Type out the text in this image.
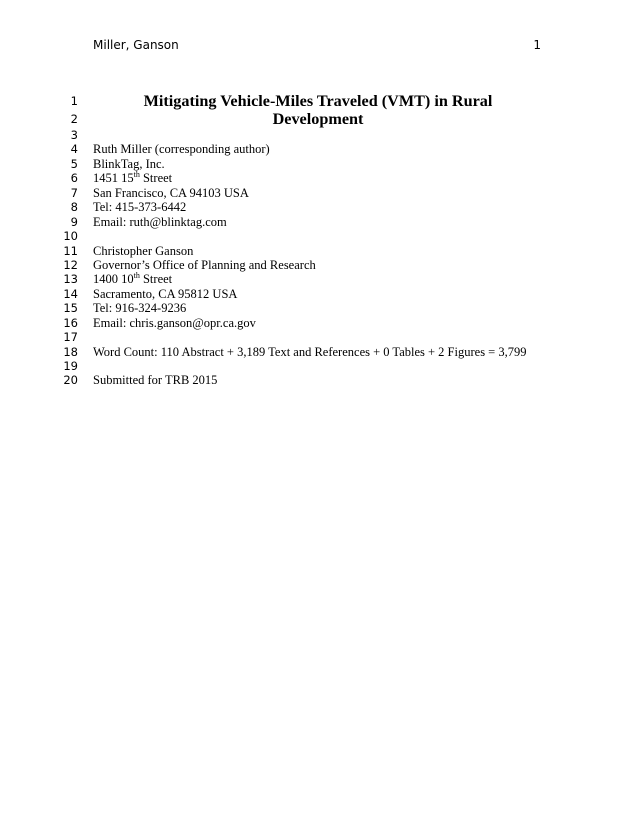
Miller, Ganson	1
1	Mitigating Vehicle-Miles Traveled (VMT) in Rural
2	Development
3
4 Ruth Miller (corresponding author)
5 BlinkTag, Inc.
6 1451 15th Street
7 San Francisco, CA 94103 USA
8 Tel: 415-373-6442
9 Email: ruth@blinktag.com
10
11 Christopher Ganson
12 Governor’s Office of Planning and Research
13 1400 10th Street
14 Sacramento, CA 95812 USA
15 Tel: 916-324-9236
16 Email: chris.ganson@opr.ca.gov
17
18 Word Count: 110 Abstract + 3,189 Text and References + 0 Tables + 2 Figures = 3,799
19
20 Submitted for TRB 2015
